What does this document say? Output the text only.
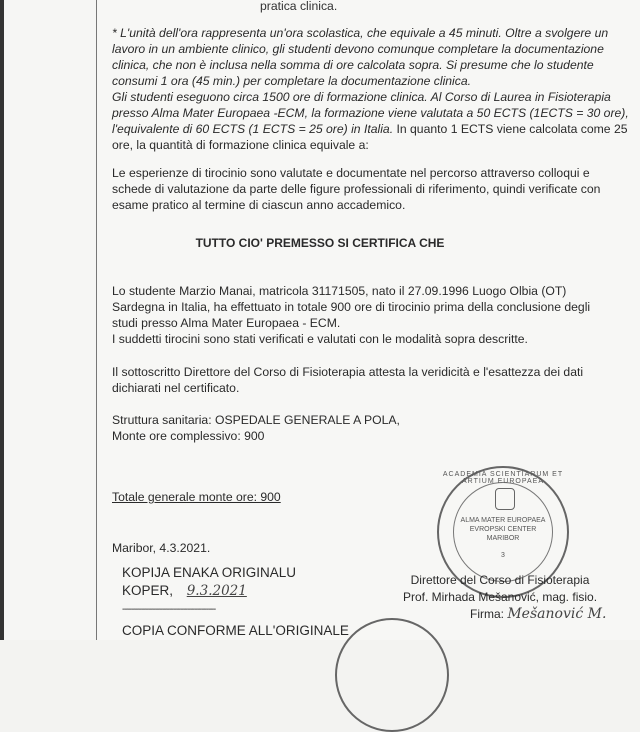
pratica clinica.
* L'unità dell'ora rappresenta un'ora scolastica, che equivale a 45 minuti. Oltre a svolgere un
lavoro in un ambiente clinico, gli studenti devono comunque completare la documentazione
clinica, che non è inclusa nella somma di ore calcolata sopra. Si presume che lo studente
consumi 1 ora (45 min.) per completare la documentazione clinica.
Gli studenti eseguono circa 1500 ore di formazione clinica. Al Corso di Laurea in Fisioterapia
presso Alma Mater Europaea -ECM, la formazione viene valutata a 50 ECTS (1ECTS = 30 ore),
l'equivalente di 60 ECTS (1 ECTS = 25 ore) in Italia. In quanto 1 ECTS viene calcolata come 25
ore, la quantità di formazione clinica equivale a:
Le esperienze di tirocinio sono valutate e documentate nel percorso attraverso colloqui e
schede di valutazione da parte delle figure professionali di riferimento, quindi verificate con
esame pratico al termine di ciascun anno accademico.
TUTTO CIO' PREMESSO SI CERTIFICA CHE
Lo studente Marzio Manai, matricola 31171505, nato il 27.09.1996 Luogo Olbia (OT)
Sardegna in Italia, ha effettuato in totale 900 ore di tirocinio prima della conclusione degli
studi presso Alma Mater Europaea - ECM.
I suddetti tirocini sono stati verificati e valutati con le modalità sopra descritte.
Il sottoscritto Direttore del Corso di Fisioterapia attesta la veridicità e l'esattezza dei dati
dichiarati nel certificato.
Struttura sanitaria: OSPEDALE GENERALE A POLA,
Monte ore complessivo: 900
Totale generale monte ore: 900
Maribor, 4.3.2021.
KOPIJA ENAKA ORIGINALU
KOPER, 9.3.2021
----------------------------------------
COPIA CONFORME ALL'ORIGINALE
ACADEMIA SCIENTIARUM ET ARTIUM EUROPAEA
ALMA MATER EUROPAEA
EVROPSKI CENTER
MARIBOR
3
Direttore del Corso di Fisioterapia
Prof. Mirhada Mešanović, mag. fisio.
Firma: Mešanović M.
